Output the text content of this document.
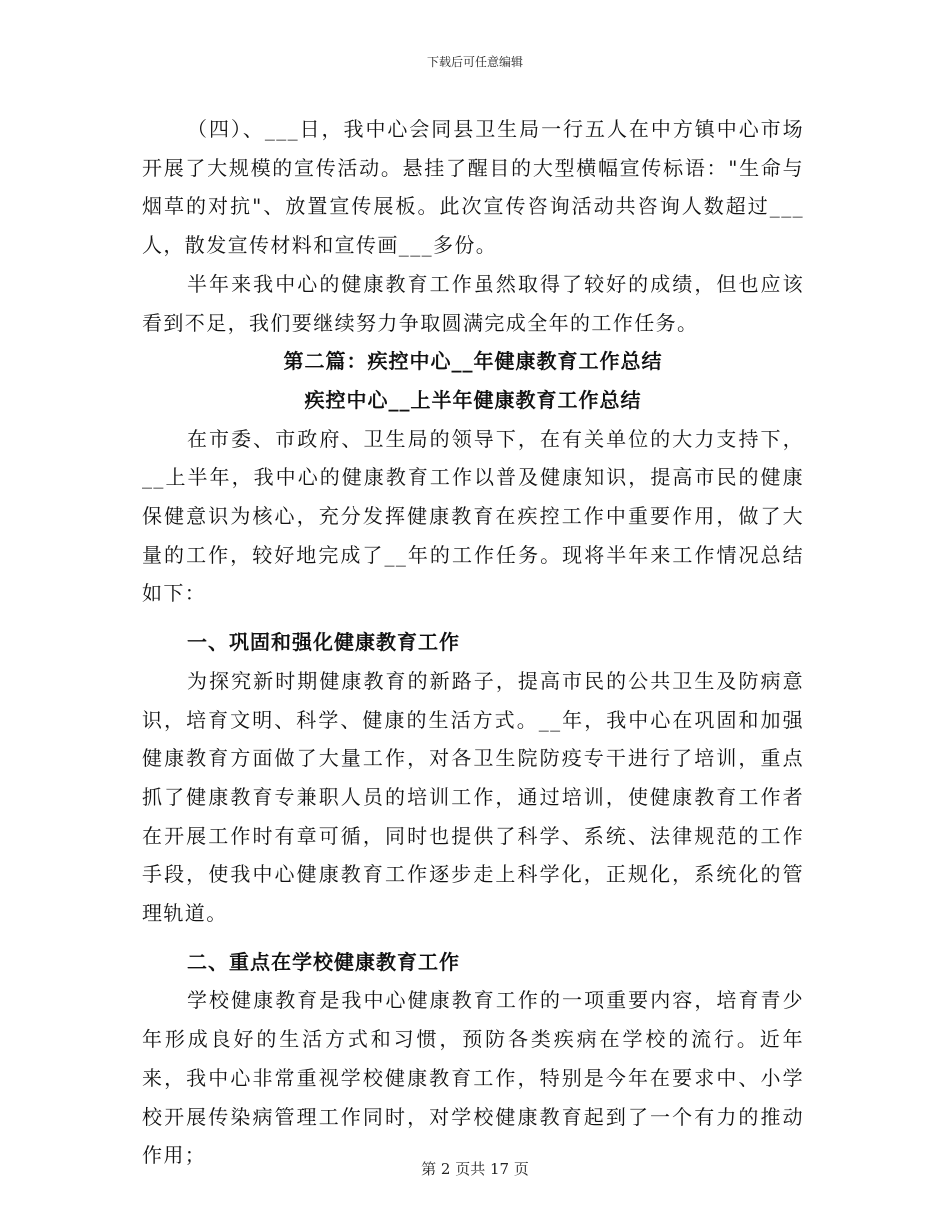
下载后可任意编辑

（四）、___日，我中心会同县卫生局一行五人在中方镇中心市场开展了大规模的宣传活动。悬挂了醒目的大型横幅宣传标语："生命与烟草的对抗"、放置宣传展板。此次宣传咨询活动共咨询人数超过___人，散发宣传材料和宣传画___多份。

半年来我中心的健康教育工作虽然取得了较好的成绩，但也应该看到不足，我们要继续努力争取圆满完成全年的工作任务。

第二篇：疾控中心__年健康教育工作总结

疾控中心__上半年健康教育工作总结

在市委、市政府、卫生局的领导下，在有关单位的大力支持下，__上半年，我中心的健康教育工作以普及健康知识，提高市民的健康保健意识为核心，充分发挥健康教育在疾控工作中重要作用，做了大量的工作，较好地完成了__年的工作任务。现将半年来工作情况总结如下：

一、巩固和强化健康教育工作

为探究新时期健康教育的新路子，提高市民的公共卫生及防病意识，培育文明、科学、健康的生活方式。__年，我中心在巩固和加强健康教育方面做了大量工作，对各卫生院防疫专干进行了培训，重点抓了健康教育专兼职人员的培训工作，通过培训，使健康教育工作者在开展工作时有章可循，同时也提供了科学、系统、法律规范的工作手段，使我中心健康教育工作逐步走上科学化，正规化，系统化的管理轨道。

二、重点在学校健康教育工作

学校健康教育是我中心健康教育工作的一项重要内容，培育青少年形成良好的生活方式和习惯，预防各类疾病在学校的流行。近年来，我中心非常重视学校健康教育工作，特别是今年在要求中、小学校开展传染病管理工作同时，对学校健康教育起到了一个有力的推动作用；

第 2 页共 17 页
